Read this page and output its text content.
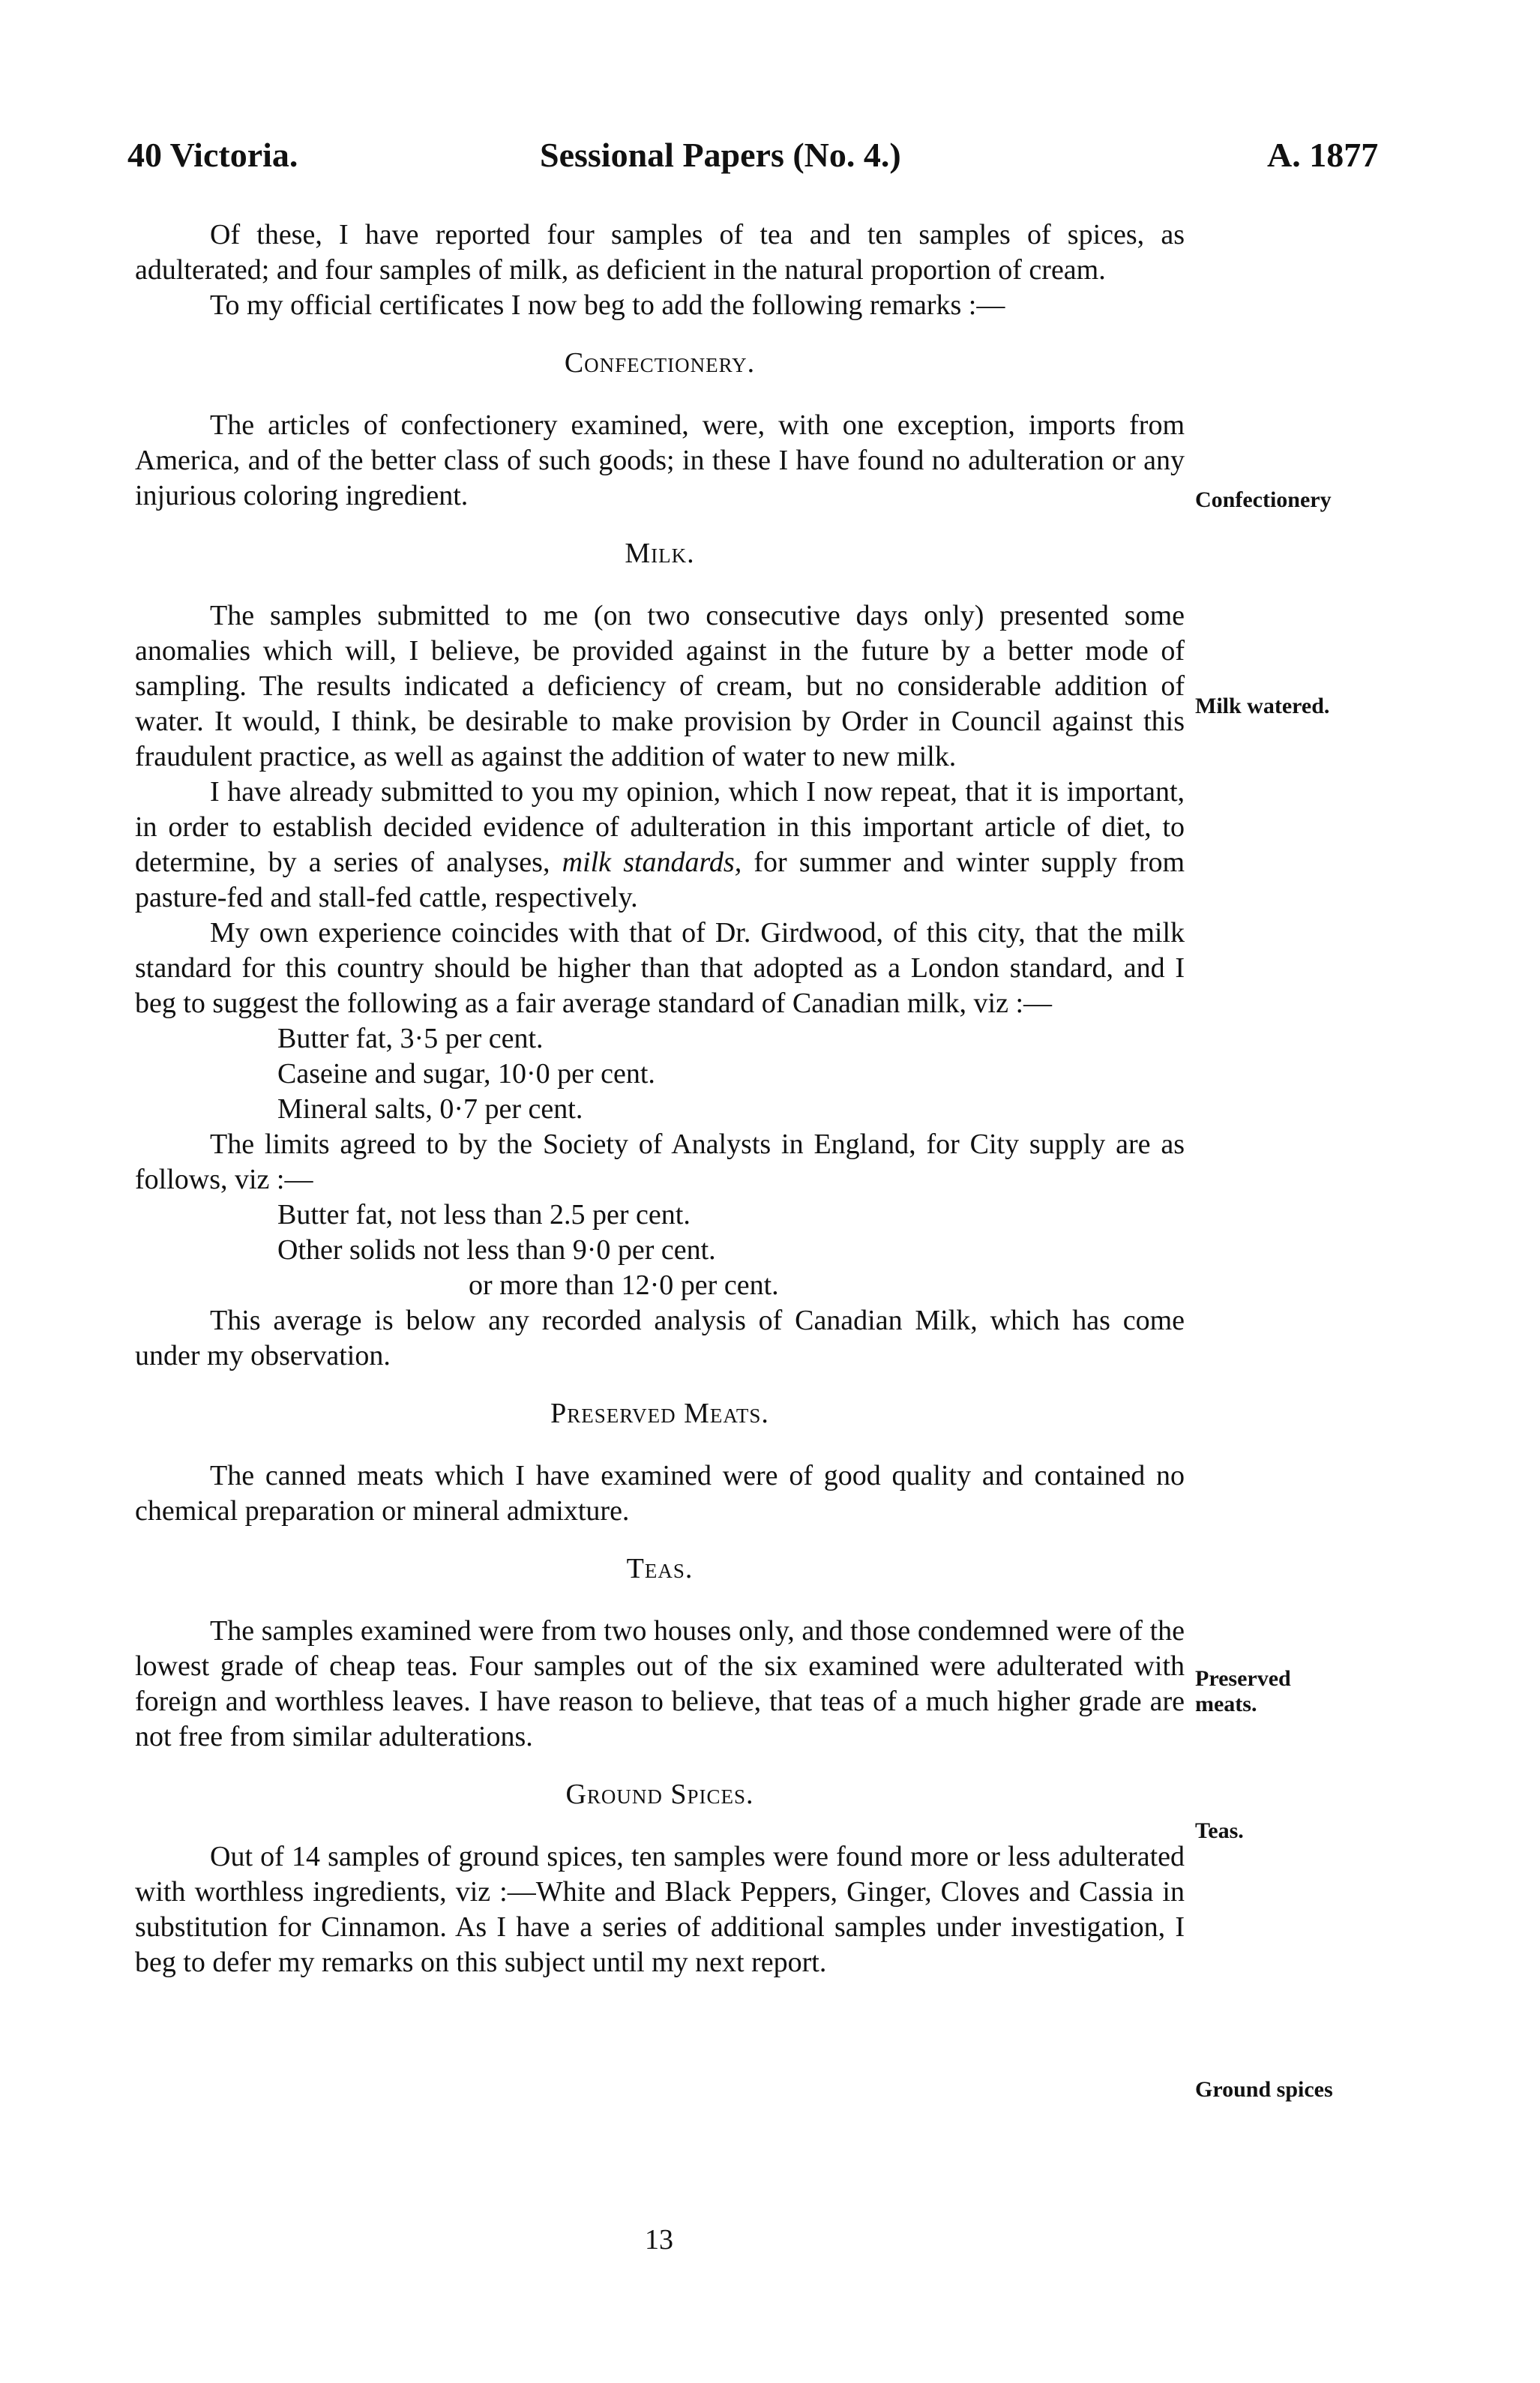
40 Victoria.	Sessional Papers (No. 4.)	A. 1877

Of these, I have reported four samples of tea and ten samples of spices, as adulterated; and four samples of milk, as deficient in the natural proportion of cream.

To my official certificates I now beg to add the following remarks :—

Confectionery.

The articles of confectionery examined, were, with one exception, imports from America, and of the better class of such goods; in these I have found no adulteration or any injurious coloring ingredient.

Milk.

The samples submitted to me (on two consecutive days only) presented some anomalies which will, I believe, be provided against in the future by a better mode of sampling. The results indicated a deficiency of cream, but no considerable addition of water. It would, I think, be desirable to make provision by Order in Council against this fraudulent practice, as well as against the addition of water to new milk.

I have already submitted to you my opinion, which I now repeat, that it is important, in order to establish decided evidence of adulteration in this important article of diet, to determine, by a series of analyses, milk standards, for summer and winter supply from pasture-fed and stall-fed cattle, respectively.

My own experience coincides with that of Dr. Girdwood, of this city, that the milk standard for this country should be higher than that adopted as a London standard, and I beg to suggest the following as a fair average standard of Canadian milk, viz :—

Butter fat, 3·5 per cent.
Caseine and sugar, 10·0 per cent.
Mineral salts, 0·7 per cent.

The limits agreed to by the Society of Analysts in England, for City supply are as follows, viz :—

Butter fat, not less than 2.5 per cent.
Other solids not less than 9·0 per cent.
or more than 12·0 per cent.

This average is below any recorded analysis of Canadian Milk, which has come under my observation.

Preserved Meats.

The canned meats which I have examined were of good quality and contained no chemical preparation or mineral admixture.

Teas.

The samples examined were from two houses only, and those condemned were of the lowest grade of cheap teas. Four samples out of the six examined were adulterated with foreign and worthless leaves. I have reason to believe, that teas of a much higher grade are not free from similar adulterations.

Ground Spices.

Out of 14 samples of ground spices, ten samples were found more or less adulterated with worthless ingredients, viz :—White and Black Peppers, Ginger, Cloves and Cassia in substitution for Cinnamon. As I have a series of additional samples under investigation, I beg to defer my remarks on this subject until my next report.

Confectionery
Milk watered.
Preserved meats.
Teas.
Ground spices
13
